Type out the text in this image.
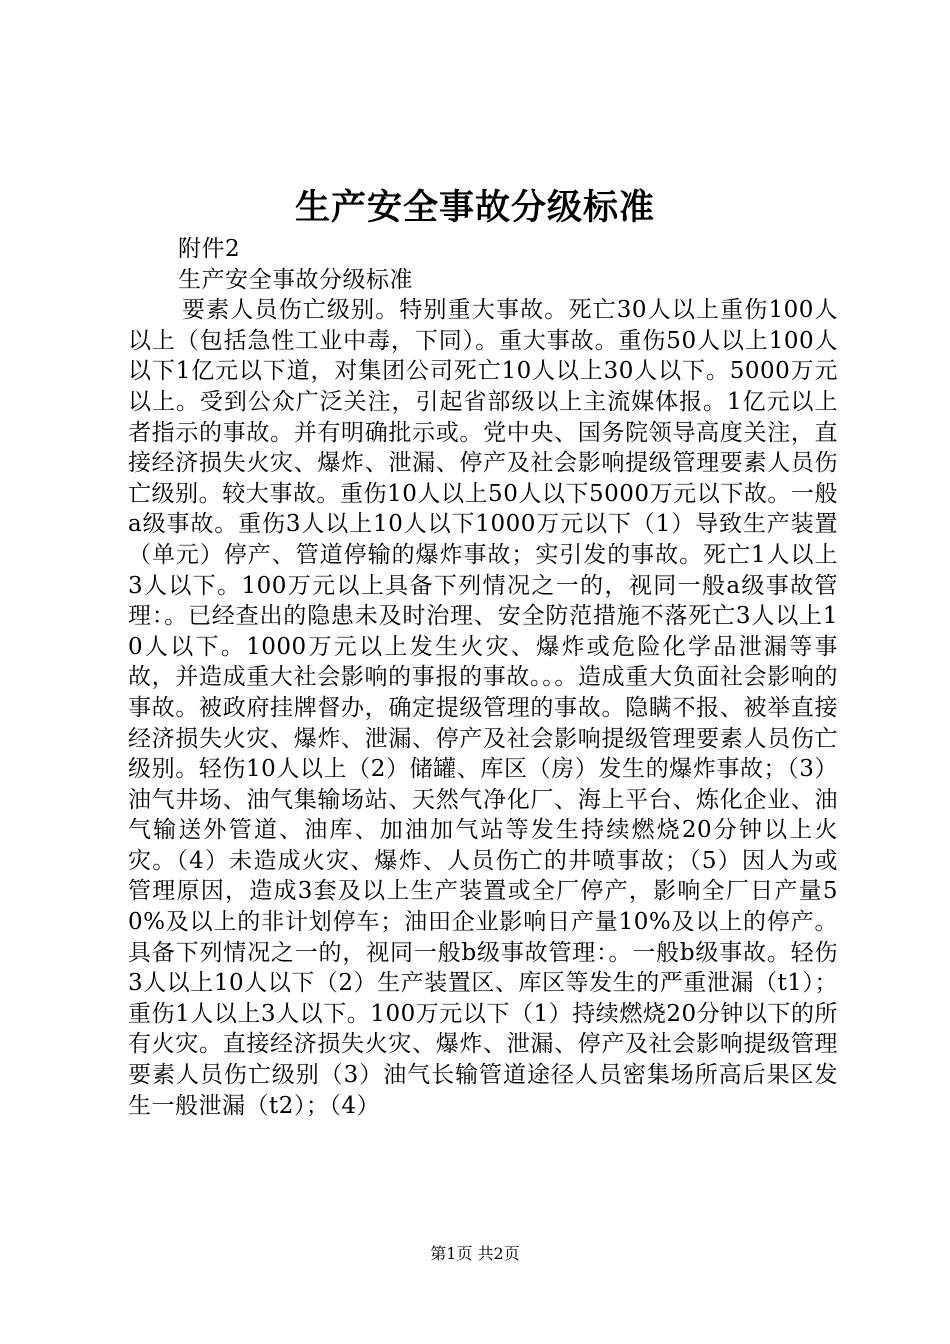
生产安全事故分级标准

附件2

生产安全事故分级标准

要素人员伤亡级别。特别重大事故。死亡30人以上重伤100人以上（包括急性工业中毒，下同）。重大事故。重伤50人以上100人以下1亿元以下道，对集团公司死亡10人以上30人以下。5000万元以上。受到公众广泛关注，引起省部级以上主流媒体报。1亿元以上者指示的事故。并有明确批示或。党中央、国务院领导高度关注，直接经济损失火灾、爆炸、泄漏、停产及社会影响提级管理要素人员伤亡级别。较大事故。重伤10人以上50人以下5000万元以下故。一般a级事故。重伤3人以上10人以下1000万元以下（1）导致生产装置（单元）停产、管道停输的爆炸事故；实引发的事故。死亡1人以上3人以下。100万元以上具备下列情况之一的，视同一般a级事故管理：。已经查出的隐患未及时治理、安全防范措施不落死亡3人以上10人以下。1000万元以上发生火灾、爆炸或危险化学品泄漏等事故，并造成重大社会影响的事报的事故。。。造成重大负面社会影响的事故。被政府挂牌督办，确定提级管理的事故。隐瞒不报、被举直接经济损失火灾、爆炸、泄漏、停产及社会影响提级管理要素人员伤亡级别。轻伤10人以上（2）储罐、库区（房）发生的爆炸事故；（3）油气井场、油气集输场站、天然气净化厂、海上平台、炼化企业、油气输送外管道、油库、加油加气站等发生持续燃烧20分钟以上火灾。（4）未造成火灾、爆炸、人员伤亡的井喷事故；（5）因人为或管理原因，造成3套及以上生产装置或全厂停产，影响全厂日产量50%及以上的非计划停车；油田企业影响日产量10%及以上的停产。具备下列情况之一的，视同一般b级事故管理：。一般b级事故。轻伤3人以上10人以下（2）生产装置区、库区等发生的严重泄漏（t1）；重伤1人以上3人以下。100万元以下（1）持续燃烧20分钟以下的所有火灾。直接经济损失火灾、爆炸、泄漏、停产及社会影响提级管理要素人员伤亡级别（3）油气长输管道途径人员密集场所高后果区发生一般泄漏（t2）；（4）

第1页 共2页
